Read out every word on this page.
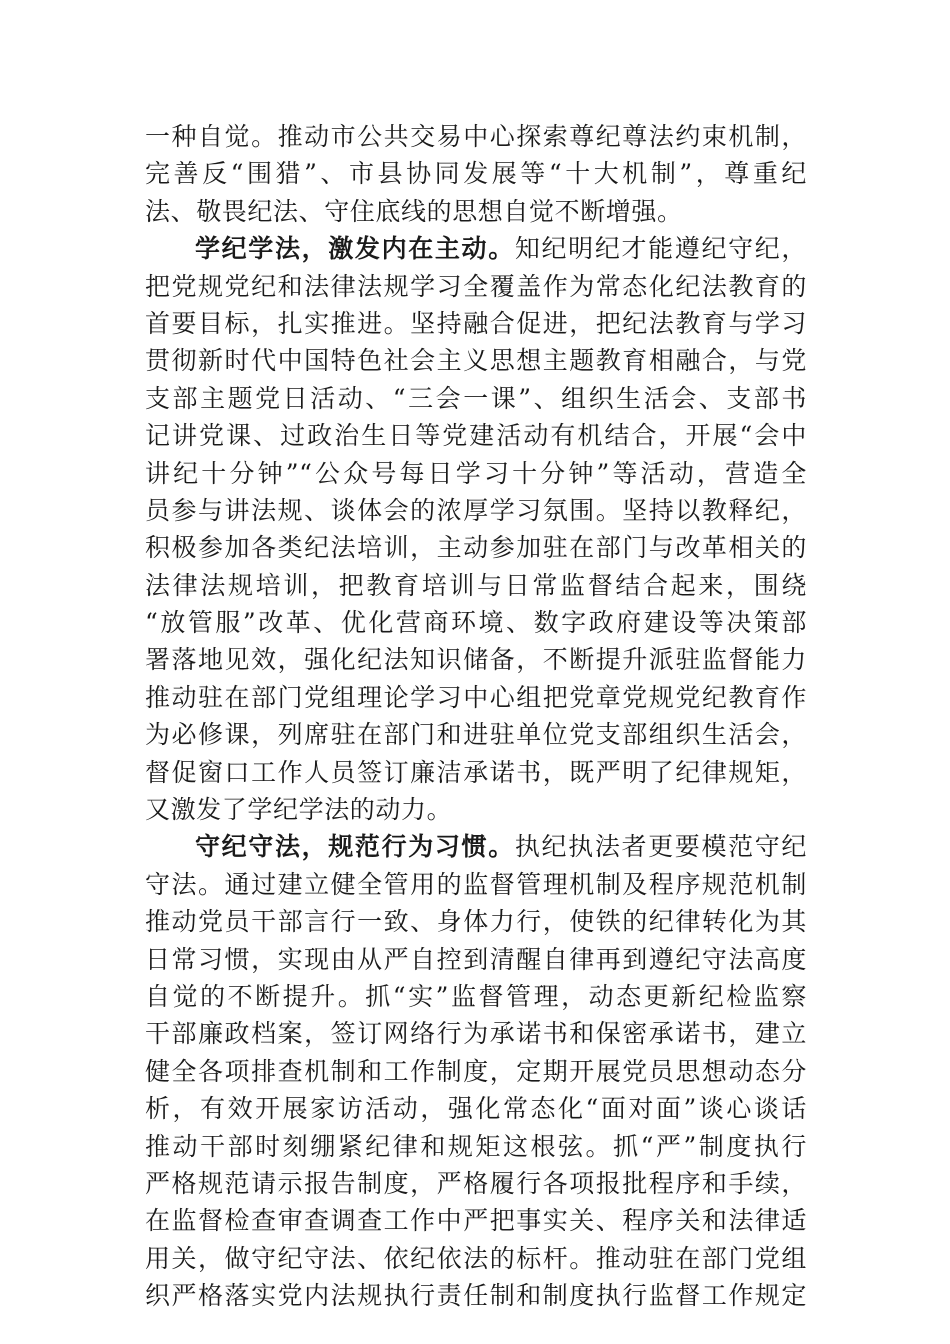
一种自觉。推动市公共交易中心探索尊纪尊法约束机制，
完善反“围猎”、市县协同发展等“十大机制”，尊重纪
法、敬畏纪法、守住底线的思想自觉不断增强。
学纪学法，激发内在主动。知纪明纪才能遵纪守纪，
把党规党纪和法律法规学习全覆盖作为常态化纪法教育的
首要目标，扎实推进。坚持融合促进，把纪法教育与学习
贯彻新时代中国特色社会主义思想主题教育相融合，与党
支部主题党日活动、“三会一课”、组织生活会、支部书
记讲党课、过政治生日等党建活动有机结合，开展“会中
讲纪十分钟”“公众号每日学习十分钟”等活动，营造全
员参与讲法规、谈体会的浓厚学习氛围。坚持以教释纪，
积极参加各类纪法培训，主动参加驻在部门与改革相关的
法律法规培训，把教育培训与日常监督结合起来，围绕
“放管服”改革、优化营商环境、数字政府建设等决策部
署落地见效，强化纪法知识储备，不断提升派驻监督能力
推动驻在部门党组理论学习中心组把党章党规党纪教育作
为必修课，列席驻在部门和进驻单位党支部组织生活会，
督促窗口工作人员签订廉洁承诺书，既严明了纪律规矩，
又激发了学纪学法的动力。
守纪守法，规范行为习惯。执纪执法者更要模范守纪
守法。通过建立健全管用的监督管理机制及程序规范机制
推动党员干部言行一致、身体力行，使铁的纪律转化为其
日常习惯，实现由从严自控到清醒自律再到遵纪守法高度
自觉的不断提升。抓“实”监督管理，动态更新纪检监察
干部廉政档案，签订网络行为承诺书和保密承诺书，建立
健全各项排查机制和工作制度，定期开展党员思想动态分
析，有效开展家访活动，强化常态化“面对面”谈心谈话
推动干部时刻绷紧纪律和规矩这根弦。抓“严”制度执行
严格规范请示报告制度，严格履行各项报批程序和手续，
在监督检查审查调查工作中严把事实关、程序关和法律适
用关，做守纪守法、依纪依法的标杆。推动驻在部门党组
织严格落实党内法规执行责任制和制度执行监督工作规定
